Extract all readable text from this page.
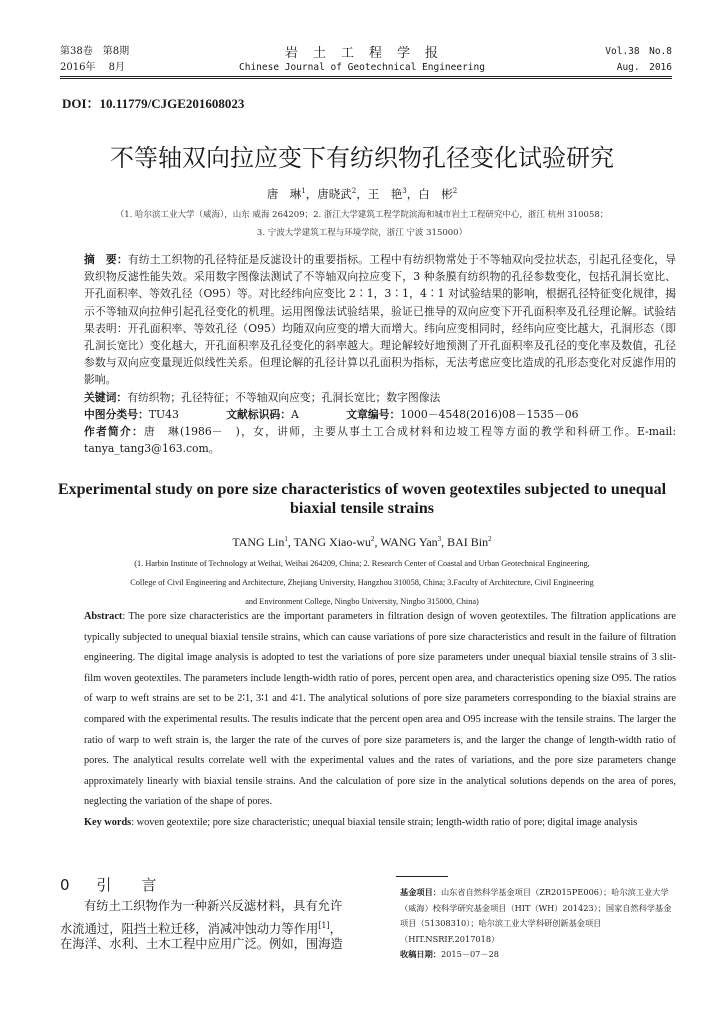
第38卷　第8期
2016年　 8月
岩　土　工　程　学　报
Chinese Journal of Geotechnical Engineering
Vol.38　No.8
Aug.　2016
DOI：10.11779/CJGE201608023
不等轴双向拉应变下有纺织物孔径变化试验研究
唐　琳$^1$，唐晓武$^2$，王　艳$^3$，白　彬$^2$
（1. 哈尔滨工业大学（威海），山东 威海 264209；2. 浙江大学建筑工程学院滨海和城市岩土工程研究中心，浙江 杭州 310058；
3. 宁波大学建筑工程与环境学院，浙江 宁波 315000）
摘　要：有纺土工织物的孔径特征是反滤设计的重要指标。工程中有纺织物常处于不等轴双向受拉状态，引起孔径变化，导致织物反滤性能失效。采用数字图像法测试了不等轴双向拉应变下，3 种条膜有纺织物的孔径参数变化，包括孔洞长宽比、开孔面积率、等效孔径（O95）等。对比经纬向应变比 2∶1，3∶1，4∶1 对试验结果的影响，根据孔径特征变化规律，揭示不等轴双向拉伸引起孔径变化的机理。运用图像法试验结果，验证已推导的双向应变下开孔面积率及孔径理论解。试验结果表明：开孔面积率、等效孔径（O95）均随双向应变的增大而增大。纬向应变相同时，经纬向应变比越大，孔洞形态（即孔洞长宽比）变化越大，开孔面积率及孔径变化的斜率越大。理论解较好地预测了开孔面积率及孔径的变化率及数值，孔径参数与双向应变量现近似线性关系。但理论解的孔径计算以孔面积为指标，无法考虑应变比造成的孔形态变化对反滤作用的影响。
关键词：有纺织物；孔径特征；不等轴双向应变；孔洞长宽比；数字图像法
中图分类号：TU43	文献标识码：A	文章编号：1000－4548(2016)08－1535－06
作者简介：唐　琳(1986－　)，女，讲师，主要从事土工合成材料和边坡工程等方面的教学和科研工作。E-mail: tanya_tang3@163.com。
Experimental study on pore size characteristics of woven geotextiles subjected to unequal biaxial tensile strains
TANG Lin$^1$, TANG Xiao-$wu^2$, WANG Yan$^3$, BAI Bin$^2$
(1. Harbin Institute of Technology at Weihai, Weihai 264209, China; 2. Research Center of Coastal and Urban Geotechnical Engineering,
College of Civil Engineering and Architecture, Zhejiang University, Hangzhou 310058, China; 3.Faculty of Architecture, Civil Engineering
and Environment College, Ningbo University, Ningbo 315000, China)
Abstract: The pore size characteristics are the important parameters in filtration design of woven geotextiles. The filtration applications are typically subjected to unequal biaxial tensile strains, which can cause variations of pore size characteristics and result in the failure of filtration engineering. The digital image analysis is adopted to test the variations of pore size parameters under unequal biaxial tensile strains of 3 slit-film woven geotextiles. The parameters include length-width ratio of pores, percent open area, and characteristics opening size O95. The ratios of warp to weft strains are set to be 2∶1, 3∶1 and 4∶1. The analytical solutions of pore size parameters corresponding to the biaxial strains are compared with the experimental results. The results indicate that the percent open area and O95 increase with the tensile strains. The larger the ratio of warp to weft strain is, the larger the rate of the curves of pore size parameters is, and the larger the change of length-width ratio of pores. The analytical results correlate well with the experimental values and the rates of variations, and the pore size parameters change approximately linearly with biaxial tensile strains. And the calculation of pore size in the analytical solutions depends on the area of pores, neglecting the variation of the shape of pores.
Key words: woven geotextile; pore size characteristic; unequal biaxial tensile strain; length-width ratio of pore; digital image analysis
0 引　　言
有纺土工织物作为一种新兴反滤材料，具有允许
水流通过，阻挡土粒迁移，消减冲蚀动力等作用[1]，
在海洋、水利、土木工程中应用广泛。例如，围海造
基金项目：山东省自然科学基金项目（ZR2015PE006）；哈尔滨工业大学（威海）校科学研究基金项目（HIT（WH）201423）；国家自然科学基金项目（51308310）；哈尔滨工业大学科研创新基金项目（HIT.NSRIF.2017018）
收稿日期：2015－07－28
